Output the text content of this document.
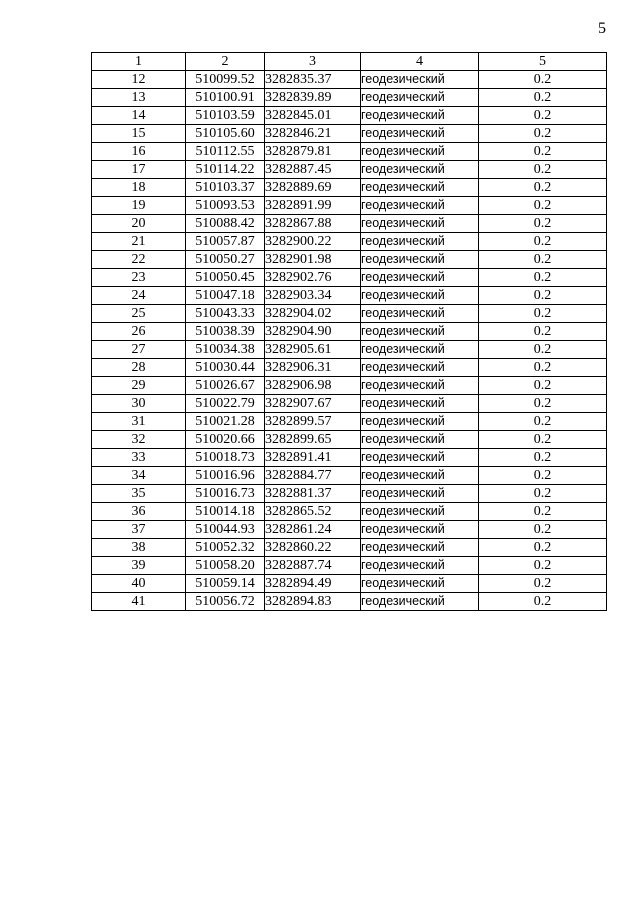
5
1	2	3	4	5
12	510099.52	3282835.37	геодезический	0.2
13	510100.91	3282839.89	геодезический	0.2
14	510103.59	3282845.01	геодезический	0.2
15	510105.60	3282846.21	геодезический	0.2
16	510112.55	3282879.81	геодезический	0.2
17	510114.22	3282887.45	геодезический	0.2
18	510103.37	3282889.69	геодезический	0.2
19	510093.53	3282891.99	геодезический	0.2
20	510088.42	3282867.88	геодезический	0.2
21	510057.87	3282900.22	геодезический	0.2
22	510050.27	3282901.98	геодезический	0.2
23	510050.45	3282902.76	геодезический	0.2
24	510047.18	3282903.34	геодезический	0.2
25	510043.33	3282904.02	геодезический	0.2
26	510038.39	3282904.90	геодезический	0.2
27	510034.38	3282905.61	геодезический	0.2
28	510030.44	3282906.31	геодезический	0.2
29	510026.67	3282906.98	геодезический	0.2
30	510022.79	3282907.67	геодезический	0.2
31	510021.28	3282899.57	геодезический	0.2
32	510020.66	3282899.65	геодезический	0.2
33	510018.73	3282891.41	геодезический	0.2
34	510016.96	3282884.77	геодезический	0.2
35	510016.73	3282881.37	геодезический	0.2
36	510014.18	3282865.52	геодезический	0.2
37	510044.93	3282861.24	геодезический	0.2
38	510052.32	3282860.22	геодезический	0.2
39	510058.20	3282887.74	геодезический	0.2
40	510059.14	3282894.49	геодезический	0.2
41	510056.72	3282894.83	геодезический	0.2
